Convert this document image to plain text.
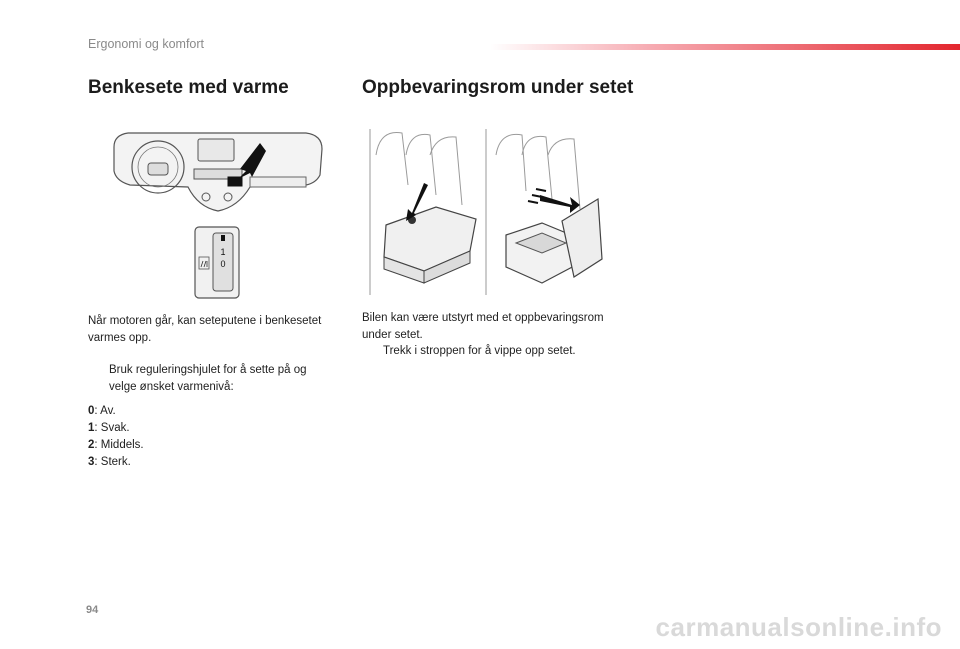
Ergonomi og komfort
Benkesete med varme	Oppbevaringsrom under setet
1
0

Når motoren går, kan seteputene i benkesetet varmes opp.

Bruk reguleringshjulet for å sette på og velge ønsket varmenivå:
0: Av.
1: Svak.
2: Middels.
3: Sterk.

Bilen kan være utstyrt med et oppbevaringsrom under setet.

Trekk i stroppen for å vippe opp setet.
94
carmanualsonline.info
